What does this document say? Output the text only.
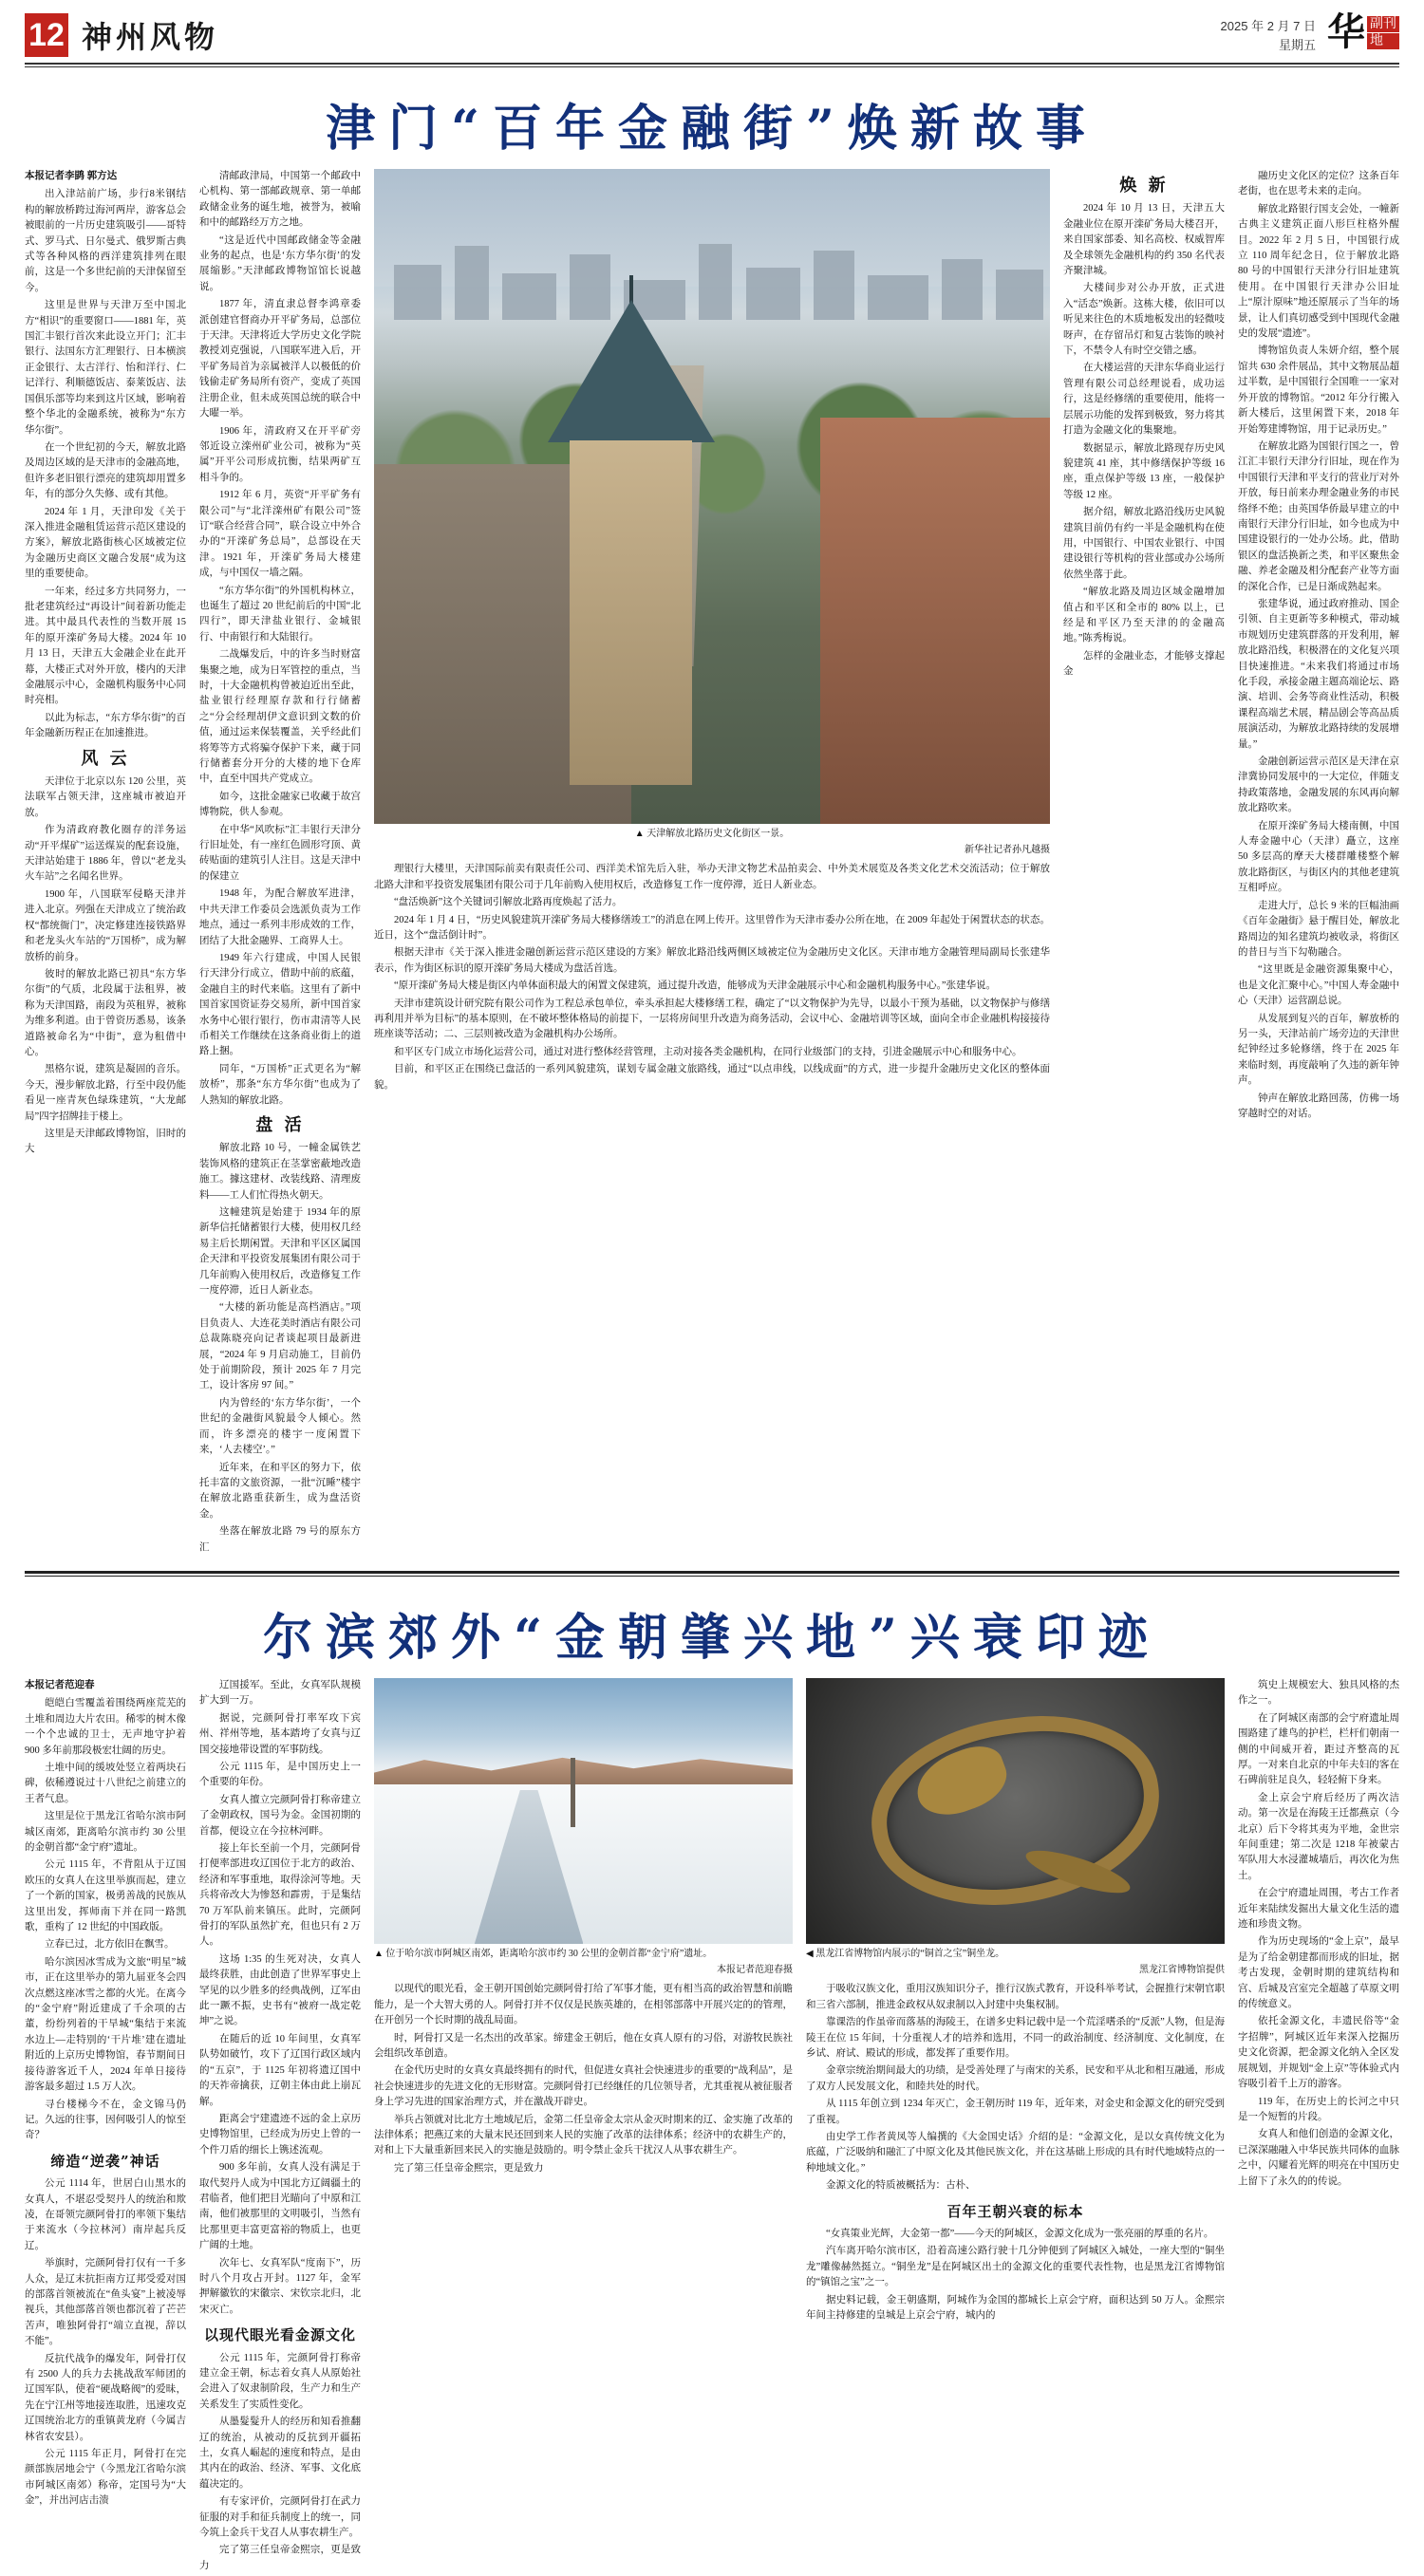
12 神州风物	2025 年 2 月 7 日
星期五 华 副刊
地
津门“百年金融街”焕新故事

本报记者李鹍 郭方达

出入津站前广场，步行8米钢结构的解放桥跨过海河两岸，游客总会被眼前的一片历史建筑吸引——哥特式、罗马式、日尔曼式、俄罗斯古典式等各种风格的西洋建筑排列在眼前，这是一个多世纪前的天津保留至今。

这里是世界与天津万至中国北方“相识”的重要窗口——1881 年，英国汇丰银行首次来此设立开门；汇丰银行、法国东方汇理银行、日本横滨正金银行、太古洋行、怡和洋行、仁记洋行、利顺德饭店、泰莱饭店、法国俱乐部等均来到这片区域，影响着整个华北的金融系统，被称为“东方华尔街”。

在一个世纪初的今天，解放北路及周边区域的是天津市的金融高地，但许多老旧银行漂亮的建筑却用置多年，有的部分久失修、或有其他。

2024 年 1 月，天津印发《关于深入推进金融租赁运营示范区建设的方案》，解放北路街核心区域被定位为金融历史商区文融合发展“成为这里的重要使命。

一年来，经过多方共同努力，一批老建筑经过“再设计”间着新功能走进。其中最具代表性的当数开展 15 年的原开滦矿务局大楼。2024 年 10 月 13 日，天津五大金融企业在此开幕，大楼正式对外开放，楼内的天津金融展示中心，金融机构服务中心同时亮相。

以此为标志，“东方华尔街”的百年金融新历程正在加速推进。

风 云

天津位于北京以东 120 公里，英法联军占领天津，这座城市被迫开放。

作为清政府教化圈存的洋务运动“开平煤矿”运送煤炭的配套设施，天津站始建于 1886 年，曾以“老龙头火车站”之名闻名世界。

1900 年，八国联军侵略天津并进入北京。列强在天津成立了统治政权“都统衙门”，决定修建连接铁路界和老龙头火车站的“万国桥”，成为解放桥的前身。

彼时的解放北路已初具“东方华尔街”的气质，北段属于法租界，被称为天津国路，南段为英租界，被称为维多利道。由于曾资历悉易，该条道路被命名为“中街”，意为租借中心。

黑格尔说，建筑是凝固的音乐。今天，漫步解放北路，行至中段仍能看见一座青灰色绿珠建筑，“大龙邮局”四字招牌挂于楼上。

这里是天津邮政博物馆，旧时的大

清邮政津局，中国第一个邮政中心机构、第一部邮政规章、第一单邮政储金业务的诞生地，被誉为，被喻和中的邮路经万方之地。

“这是近代中国邮政储金等金融业务的起点，也是‘东方华尔街’的发展缩影。”天津邮政博物馆馆长说越说。

1877 年，清直隶总督李鸿章委派创建官督商办开平矿务局，总部位于天津。天津将近大学历史文化学院教授刘克强说，八国联军进入后，开平矿务局首为亲属被洋人以极低的价钱偷走矿务局所有资产，变成了英国注册企业，但未成英国总统的联合中大曜一举。

1906 年，清政府又在开平矿旁邻近设立滦州矿业公司，被称为“英属”开平公司形成抗衡，结果两矿互相斗争的。

1912 年 6 月，英资“开平矿务有限公司”与“北洋滦州矿有限公司”签订“联合经营合同”，联合设立中外合办的“开滦矿务总局”，总部设在天津。1921 年，开滦矿务局大楼建成，与中国仅一墙之隔。

“东方华尔街”的外国机构林立，也诞生了超过 20 世纪前后的中国“北四行”，即天津盐业银行、金城银行、中南银行和大陆银行。

二战爆发后，中的许多当时财富集聚之地，成为日军管控的重点，当时，十大金融机构曾被迫近出至此，盐业银行经理原存款和行行储蓄之“分会经理胡伊文意识到文数的价值，通过运来保装覆盖，关乎经此们将筹等方式将骗夺保护下来，藏于同行储蓄套分开分的大楼的地下仓库中，直至中国共产党成立。

如今，这批金融家已收藏于故宫博物院，供人参观。

在中华“风吹标”汇丰银行天津分行旧址处，有一座红色圆形穹顶、黄砖贴面的建筑引人注目。这是天津中的保建立

1948 年，为配合解放军进津，中共天津工作委员会选派负责为工作地点，通过一系列丰形成效的工作，团结了大批金融界、工商界人士。

1949 年六行建成，中国人民银行天津分行成立，借助中前的底蕴，金融自主的时代来临。这里有了新中国首家国资证券交易所，新中国首家水务中心银行银行，伤市肃清等人民币相关工作继续在这条商业街上的道路上捆。

同年，“万国桥”正式更名为“解放桥”，那条“东方华尔街”也成为了人熟知的解放北路。

盘 活

解放北路 10 号，一幢金属铁艺装饰风格的建筑正在茎掌密蔽地改造施工。據这建材、改装线路、清理废料——工人们忙得热火朝天。

这幢建筑是始建于 1934 年的原新华信托储蓄银行大楼，使用权几经易主后长期闲置。天津和平区区属国企天津和平投资发展集团有限公司于几年前购入使用权后，改造修复工作一度停滞，近日人新业态。

“大楼的新功能是高档酒店。”项目负责人、大连花美时酒店有限公司总裁陈晓亮向记者谈起项目最新进展，“2024 年 9 月启动施工，目前仍处于前期阶段，预计 2025 年 7 月完工，设计客房 97 间。”

内为曾经的‘东方华尔街’，一个世纪的金融街风貌最令人倾心。然而，许多漂亮的楼宇一度闲置下来，‘人去楼空’。”

近年来，在和平区的努力下，依托丰富的文旅资源，一批“沉睡”楼宇在解放北路重获新生，成为盘活资金。

坐落在解放北路 79 号的原东方汇

▲ 天津解放北路历史文化街区一景。
新华社记者孙凡越摄

理银行大楼里，天津国际前卖有限责任公司、西洋美术馆先后入驻，举办天津文物艺术品拍卖会、中外美术展览及各类文化艺术交流活动；位于解放北路大津和平投资发展集团有限公司于几年前购入使用权后，改造修复工作一度停滞，近日人新业态。

“盘活焕新”这个关键词引解放北路再度焕起了活力。

2024 年 1 月 4 日，“历史风貌建筑开滦矿务局大楼修缮竣工”的消息在网上传开。这里曾作为天津市委办公所在地，在 2009 年起处于闲置状态的状态。近日，这个“盘活倒计时”。

根据天津市《关于深入推进金融创新运营示范区建设的方案》解放北路沿线两侧区域被定位为金融历史文化区。天津市地方金融管理局副局长张建华表示，作为街区标识的原开滦矿务局大楼成为盘活首选。

“原开滦矿务局大楼是街区内单体面积最大的闲置文保建筑，通过提升改造，能够成为天津金融展示中心和金融机构服务中心。”张建华说。

天津市建筑设计研究院有限公司作为工程总承包单位，牵头承担起大楼修缮工程，确定了“以文物保护为先导，以最小干预为基础，以文物保护与修缮再利用并举为目标”的基本原则，在不破坏整体格局的前提下，一层将房间里升改造为商务活动，会议中心、金融培训等区域，面向全市企业融机构接接待班座谈等活动；二、三层则被改造为金融机构办公场所。

和平区专门成立市场化运营公司，通过对进行整体经营管理，主动对接各类金融机构，在同行业级部门的支持，引进金融展示中心和服务中心。

目前，和平区正在围绕已盘活的一系列风貌建筑，谋划专属金融文旅路线，通过“以点串线，以线成面”的方式，进一步提升金融历史文化区的整体面貌。

焕 新

2024 年 10 月 13 日，天津五大金融业位在原开滦矿务局大楼召开，来自国家部委、知名高校、权威智库及全球领先金融机构的约 350 名代表齐聚津城。

大楼间步对公办开放，正式进入“活态”焕新。这栋大楼，依旧可以听见来往色的木质地板发出的轻微吱呀声，在存留吊灯和复古装饰的映衬下，不禁令人有时空交错之感。

在大楼运营的天津东华商业运行管理有限公司总经理说看，成功运行，这是经修缮的重要使用，能将一层展示功能的发挥到极致，努力将其打造为金融文化的集聚地。

数据显示，解放北路现存历史风貌建筑 41 座，其中修缮保护等级 16 座，重点保护等级 13 座，一般保护等级 12 座。

据介绍，解放北路沿线历史风貌建筑目前仍有约一半是金融机构在使用，中国银行、中国农业银行、中国建设银行等机构的营业部或办公场所依然坐落于此。

“解放北路及周边区域金融增加值占和平区和全市的 80% 以上，已经是和平区乃至天津的的金融高地。”陈秀梅说。

怎样的金融业态，才能够支撑起金

融历史文化区的定位？这条百年老街，也在思考未来的走向。

解放北路银行国支会处，一幢新古典主义建筑正面八形巨柱格外醒目。2022 年 2 月 5 日，中国银行成立 110 周年纪念日，位于解放北路 80 号的中国银行天津分行旧址建筑使用。在中国银行天津办公旧址上“原汁原味”地还原展示了当年的场景，让人们真切感受到中国现代金融史的发展“遗迹”。

博物馆负责人朱妍介绍，整个展馆共 630 余件展品，其中文物展品超过半数，是中国银行全国唯一一家对外开放的博物馆。“2012 年分行搬入新大楼后，这里闲置下来，2018 年开始筹建博物馆，用于记录历史。”

在解放北路为国银行国之一，曾江汇丰银行天津分行旧址，现在作为中国银行天津和平支行的营业厅对外开放，每日前来办理金融业务的市民络绎不绝；由英国华侨最早建立的中南银行天津分行旧址，如今也成为中国建设银行的一处办公场。此，借助银区的盘活换新之类，和平区聚焦金融、养老金融及相分配套产业等方面的深化合作，已是日渐成熟起来。

张建华说，通过政府推动、国企引领、自主更新等多种模式，带动城市规划历史建筑群落的开发利用，解放北路沿线，积极潜在的文化复兴项目快速推进。“未来我们将通过市场化手段，承接金融主题高端论坛、路演、培训、会务等商业性活动，积极课程高端艺术展，精品剧会等高品质展演活动，为解放北路持续的发展增量。”

金融创新运营示范区是天津在京津冀协同发展中的一大定位，伴随支持政策落地，金融发展的东风再向解放北路吹来。

在原开滦矿务局大楼南侧，中国人寿金融中心（天津）矗立，这座 50 多层高的摩天大楼群雕楼整个解放北路街区，与街区内的其他老建筑互相呼应。

走进大厅，总长 9 米的巨幅油画《百年金融街》悬于醒目处，解放北路周边的知名建筑均被收录，将街区的昔日与当下勾勒融合。

“这里既是金融资源集聚中心，也是文化汇聚中心。”中国人寿金融中心（天津）运营副总说。

从发展到复兴的百年，解放桥的另一头，天津站前广场旁边的天津世纪钟经过多轮修缮，终于在 2025 年来临时刻，再度敲响了久违的新年钟声。

钟声在解放北路回荡，仿佛一场穿越时空的对话。

尔滨郊外“金朝肇兴地”兴衰印迹

本报记者范迎春

皑皑白雪覆盖着围绕两座荒芜的土堆和周边大片农田。稀零的树木像一个个忠诚的卫士，无声地守护着 900 多年前那段极宏壮阔的历史。

土堆中间的缓坡处竖立着两块石碑，依稀遵说过十八世纪之前建立的王者气息。

这里是位于黑龙江省哈尔滨市阿城区南郊，距离哈尔滨市约 30 公里的金朝首都“金宁府”遗址。

公元 1115 年，不背阻从于辽国欧压的女真人在这里举旗而起，建立了一个新的国家，极勇善战的民族从这里出发，挥师南下并在同一路凯歌，重构了 12 世纪的中国政版。

立春已过，北方依旧在飘雪。

哈尔滨因冰雪成为文旅“明星”城市，正在这里举办的第九届亚冬会四次点燃这座冰雪之都的火光。在离今的“金宁府”附近建成了千余项的古董，纷纷列着的干旱城“集结于来流水边上—走特别的‘干片堆’建在遗址附近的上京历史博物馆，春节期间日接待游客近千人，2024 年单日接待游客最多超过 1.5 万人次。

寻台楼梯今不在，金文锦马仍记。久远的往事，因何吸引人的惊至奇？

缔造“逆袭”神话

公元 1114 年，世居白山黑水的女真人，不堪忍受契丹人的统治和欺凌，在哥领完颜阿骨打的率领下集结于来流水（今拉林河）南岸起兵反辽。

举旗时，完颜阿骨打仅有一千多人众，是辽末抗拒南方辽邦受爱对国的部落首领被流在“鱼头宴”上被凌辱视兵，其他部落首领也都沉着了芒芒苦声，唯独阿骨打“端立直视，辞以不能”。

反抗代战争的爆发年，阿骨打仅有 2500 人的兵力去挑战敌军师团的辽国军队，使着“硬战略阀”的爱昧，先在宁江州等地接连取胜，迅速攻克辽国统治北方的重镇黄龙府（今属吉林省农安县）。

公元 1115 年正月，阿骨打在完颜部族居地会宁（今黑龙江省哈尔滨市阿城区南郊）称帝，定国号为“大金”，并出河店击溃

辽国援军。至此，女真军队规模扩大到一万。

据说，完颜阿骨打率军攻下宾州、祥州等地，基本踏垮了女真与辽国交接地带设置的军事防线。

公元 1115 年，是中国历史上一个重要的年份。

女真人擅立完颜阿骨打称帝建立了金朝政权，国号为金。金国初期的首都，便设立在今拉林河畔。

接上年长至前一个月，完颜阿骨打便率部进攻辽国位于北方的政治、经济和军事重地，取得涂河等地。天兵将帝改大为惨怒和霹雳，于是集结 70 万军队前来镇压。此时，完颜阿骨打的军队虽然扩充，但也只有 2 万人。

这场 1:35 的生死对决，女真人最终获胜，由此创造了世界军事史上罕见的以少胜多的经典战例，辽军由此一蹶不振，史书有“被府一战定乾坤”之说。

在随后的近 10 年间里，女真军队势如破竹，攻下了辽国行政区域内的“五京”，于 1125 年初将遗辽国中的天祚帝擒获，辽朝主体由此上崩瓦解。

距离会宁建遗迹不远的金上京历史博物馆里，已经成为历史上曾的一个件刀盾的细长上镌述流观。

900 多年前，女真人没有满足于取代契丹人成为中国北方辽阔疆土的君临者，他们把目光瞄向了中原和江南，他们被那里的文明吸引，当然有比那里更丰富更富裕的物质上，也更广阔的土地。

次年七、女真军队“度南下”，历时八个月攻占开封。1127 年，金军押解徽钦的宋徽宗、宋钦宗北归，北宋灭亡。

以现代眼光看金源文化

公元 1115 年，完颜阿骨打称帝建立金王朝，标志着女真人从原始社会进入了奴隶制阶段，生产力和生产关系发生了实质性变化。

从墨髮髮升人的经历和知看推翻辽的统治，从被动的反抗到开疆拓土，女真人崛起的速度和特点，是由其内在的政治、经济、军事、文化底蕴决定的。

有专家评价，完颜阿骨打在武力征服的对手和征兵制度上的统一，同今筑上金兵干戈召人从事农耕生产。

完了第三任皇帝金熙宗，更是致力

▲ 位于哈尔滨市阿城区南郊，距离哈尔滨市约 30 公里的金朝首都“金宁府”遗址。
本报记者范迎春摄

以现代的眼光看，金王朝开国创始完颜阿骨打给了军事才能，更有相当高的政治智慧和前瞻能力，是一个大智大勇的人。阿骨打并不仅仅是民族英雄的，在相邻部落中开展兴定的的管理，在开创另一个长时期的战乱局面。

时，阿骨打又是一名杰出的改革家。缔建金王朝后，他在女真人原有的习俗，对游牧民族社会组织改革创造。

在金代历史时的女真女真最终拥有的时代，但促进女真社会快速进步的重要的“战利品”，是社会快速进步的先进文化的无形财富。完颜阿骨打已经继任的几位领导者，尤其重视从被征服者身上学习先进的国家治理方式，并在激战开辟史。

举兵占领就对比北方土地域尼后，金第二任皇帝金太宗从金灭时期来的辽、金实施了改革的法律体系；把燕辽来的大量末民还回到来人民的实施了改革的法律体系；经济中的农耕生产的，对和上下大量重新回来民入的实施是鼓励的。明令禁止金兵干扰汉人从事农耕生产。

完了第三任皇帝金熙宗，更是致力

◀ 黑龙江省博物馆内展示的“铜首之宝”铜坐龙。
黑龙江省博物馆提供

于吸收汉族文化，重用汉族知识分子，推行汉族式教育，开设科举考试，会握推行宋朝官职和三省六部制，推进金政权从奴隶制以入封建中央集权制。

靠课浩的作虽帝而落基的海陵王，在谱多史料记载中是一个荒淫嗜杀的“反派”人物，但是海陵王在位 15 年间，十分重视人才的培养和选用，不同一的政治制度、经济制度、文化制度，在乡试、府试、殿试的形成，都发挥了重要作用。

金章宗统治期间最大的功绩，是受善处理了与南宋的关系，民安和平从北和相互融通，形成了双方人民发展文化，和睦共处的时代。

从 1115 年创立到 1234 年灭亡，金王朝历时 119 年，近年来，对金史和金源文化的研究受到了重视。

由史学工作者黄凤等人编撰的《大金国史话》介绍的是：“金源文化，是以女真传统文化为底蕴，广泛吸纳和融汇了中原文化及其他民族文化，并在这基础上形成的具有时代地域特点的一种地域文化。”

金源文化的特质被概括为：古朴、

百年王朝兴衰的标本

“女真策业光辉，大金第一都”——今天的阿城区，金源文化成为一张亮丽的厚重的名片。

汽车离开哈尔滨市区，沿着高速公路行驶十几分钟便到了阿城区入城处，一座大型的“铜坐龙”雕像赫然挺立。“铜坐龙”是在阿城区出土的金源文化的重要代表性物，也是黑龙江省博物馆的“镇馆之宝”之一。

据史料记载，金王朝盛期，阿城作为金国的都城长上京会宁府，面积达到 50 万人。金熙宗年间主持修建的皇城是上京会宁府，城内的

筑史上规模宏大、独具风格的杰作之一。

在了阿城区南部的会宁府遗址周围路建了雄鸟的护栏，栏杆们朝南一侧的中间威开着，距过齐整高的瓦厚。一对来自北京的中年夫妇的客在石碑前驻足良久，轻轻俯下身来。

金上京会宁府后经历了两次洁动。第一次是在海陵王迁都燕京（今北京）后下令将其夷为平地，金世宗年间重建；第二次是 1218 年被蒙古军队用大水浸灌城墙后，再次化为焦土。

在会宁府遗址周围，考古工作者近年来陆续发掘出大量文化生活的遗迹和珍贵文物。

作为历史现场的“金上京”，最早是为了给金朝建都而形成的旧址，据考古发现，金朝时期的建筑结构和宫、后城及宫室完全超越了草原文明的传统意义。

依托金源文化，丰遗民俗等“金字招牌”，阿城区近年来深入挖掘历史文化资源，把金源文化纳入全区发展规划，并规划“金上京”等体验式内容吸引着千上万的游客。

119 年，在历史上的长河之中只是一个短暂的片段。

女真人和他们创造的金源文化，已深深融融入中华民族共同体的血脉之中，闪耀着光辉的明亮在中国历史上留下了永久的的传说。
